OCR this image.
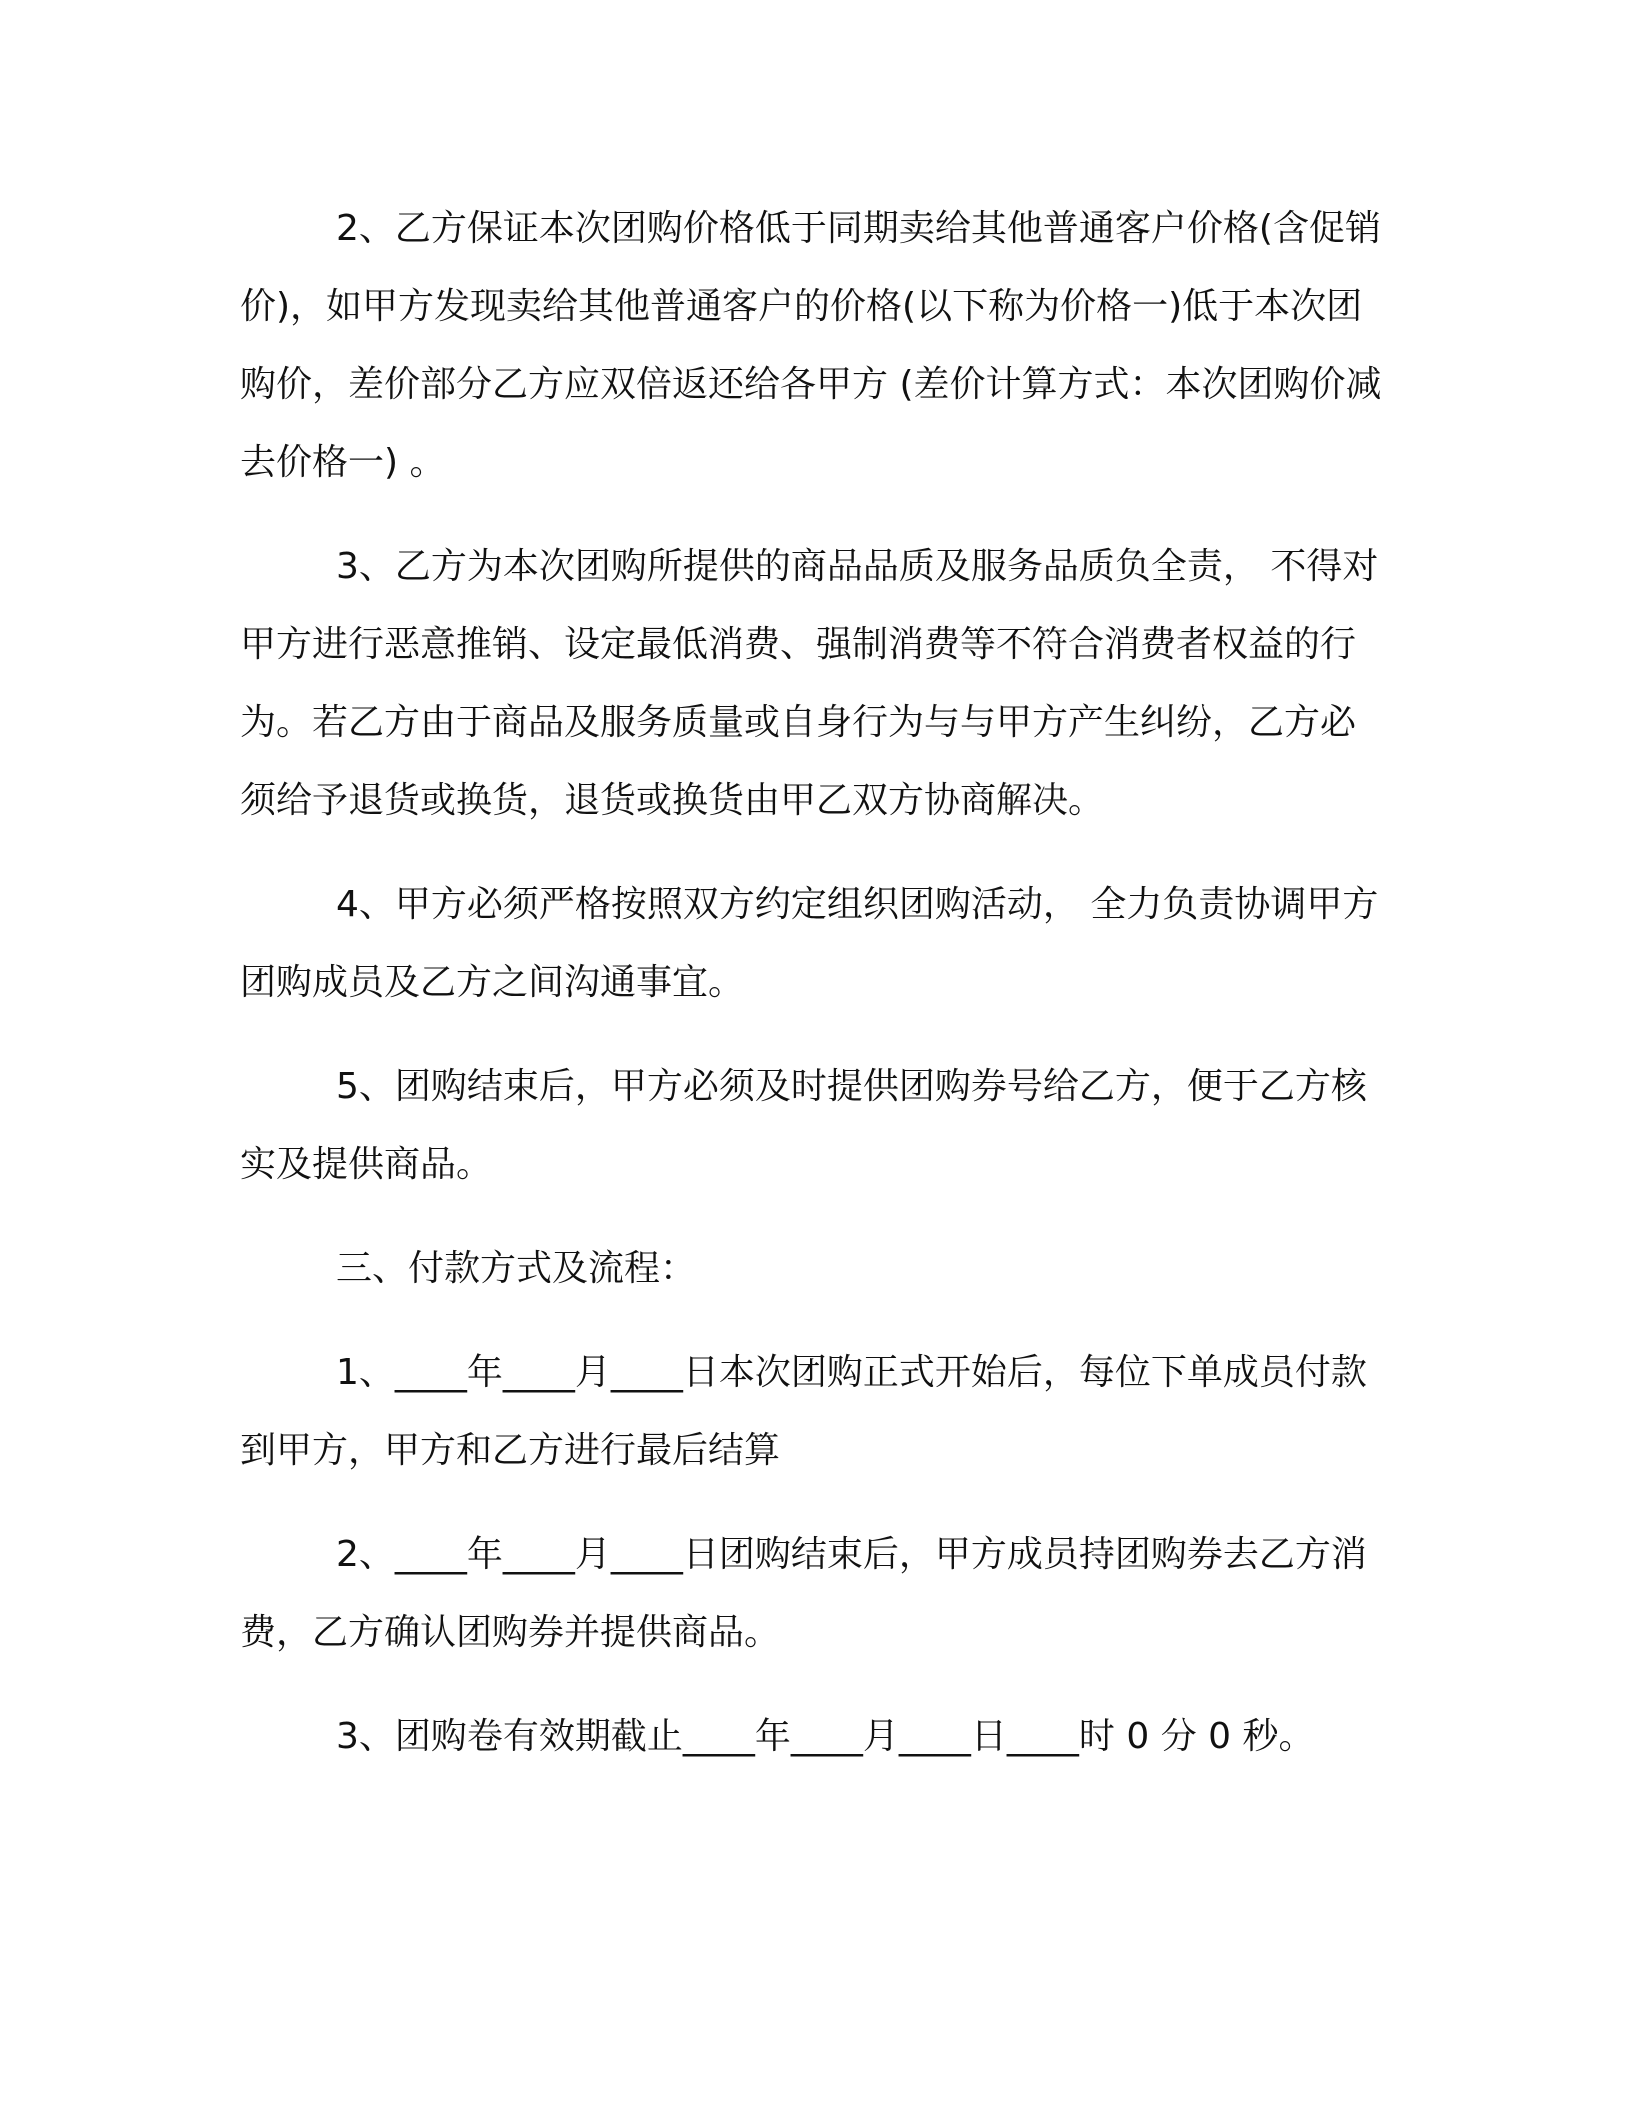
2、乙方保证本次团购价格低于同期卖给其他普通客户价格(含促销价)，如甲方发现卖给其他普通客户的价格(以下称为价格一)低于本次团购价，差价部分乙方应双倍返还给各甲方 (差价计算方式：本次团购价减去价格一) 。

3、乙方为本次团购所提供的商品品质及服务品质负全责， 不得对甲方进行恶意推销、设定最低消费、强制消费等不符合消费者权益的行为。若乙方由于商品及服务质量或自身行为与与甲方产生纠纷，乙方必须给予退货或换货，退货或换货由甲乙双方协商解决。

4、甲方必须严格按照双方约定组织团购活动， 全力负责协调甲方团购成员及乙方之间沟通事宜。

5、团购结束后，甲方必须及时提供团购券号给乙方，便于乙方核实及提供商品。

三、付款方式及流程：

1、____年____月____日本次团购正式开始后，每位下单成员付款到甲方，甲方和乙方进行最后结算

2、____年____月____日团购结束后，甲方成员持团购券去乙方消费，乙方确认团购券并提供商品。

3、团购卷有效期截止____年____月____日____时 0 分 0 秒。
